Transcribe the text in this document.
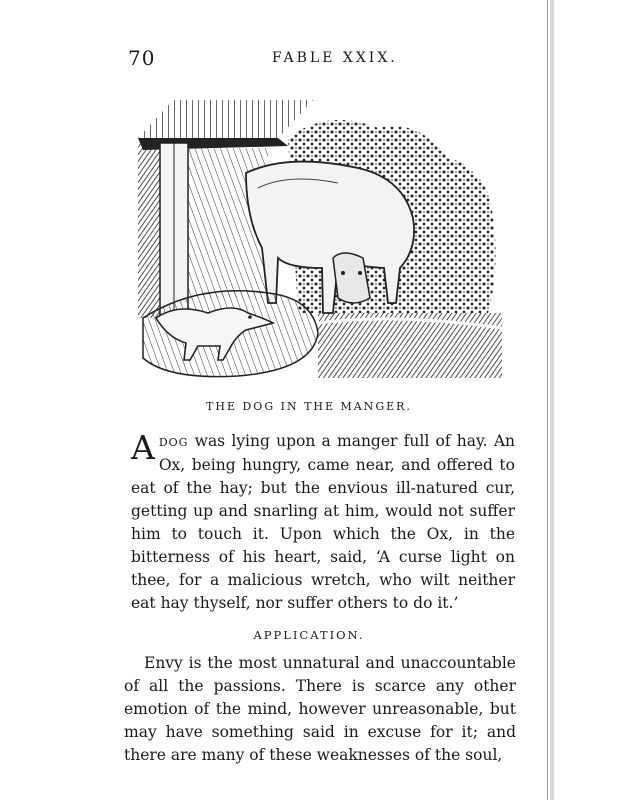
70	FABLE XXIX.
THE DOG IN THE MANGER.
ADOG was lying upon a manger full of hay. An Ox, being hungry, came near, and offered to eat of the hay; but the envious ill-natured cur, getting up and snarling at him, would not suffer him to touch it. Upon which the Ox, in the bitterness of his heart, said, ‘A curse light on thee, for a malicious wretch, who wilt neither eat hay thyself, nor suffer others to do it.’
APPLICATION.
Envy is the most unnatural and unaccountable of all the passions. There is scarce any other emotion of the mind, however unreasonable, but may have something said in excuse for it; and there are many of these weaknesses of the soul,
